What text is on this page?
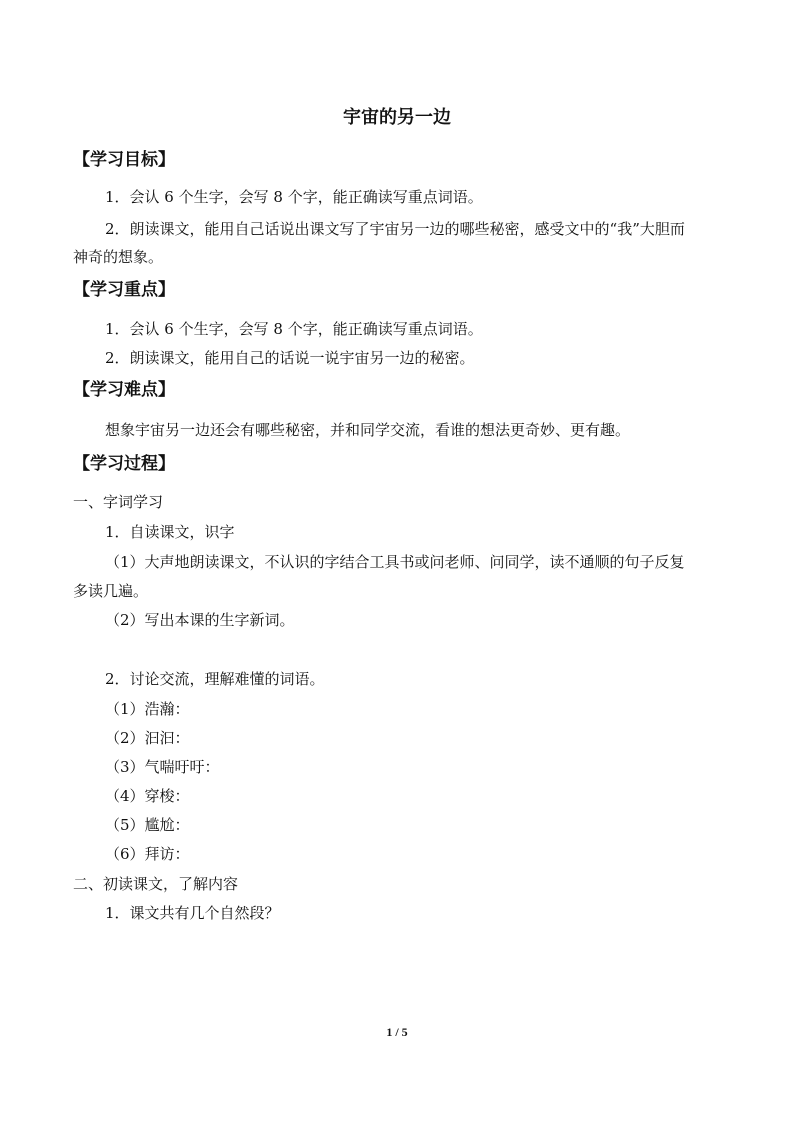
宇宙的另一边
【学习目标】
1．会认 6 个生字，会写 8 个字，能正确读写重点词语。
2．朗读课文，能用自己话说出课文写了宇宙另一边的哪些秘密，感受文中的“我”大胆而
神奇的想象。
【学习重点】
1．会认 6 个生字，会写 8 个字，能正确读写重点词语。
2．朗读课文，能用自己的话说一说宇宙另一边的秘密。
【学习难点】
想象宇宙另一边还会有哪些秘密，并和同学交流，看谁的想法更奇妙、更有趣。
【学习过程】
一、字词学习
1．自读课文，识字
（1）大声地朗读课文，不认识的字结合工具书或问老师、问同学，读不通顺的句子反复
多读几遍。
（2）写出本课的生字新词。
2．讨论交流，理解难懂的词语。
（1）浩瀚：
（2）汩汩：
（3）气喘吁吁：
（4）穿梭：
（5）尴尬：
（6）拜访：
二、初读课文，了解内容
1．课文共有几个自然段？
1 / 5
